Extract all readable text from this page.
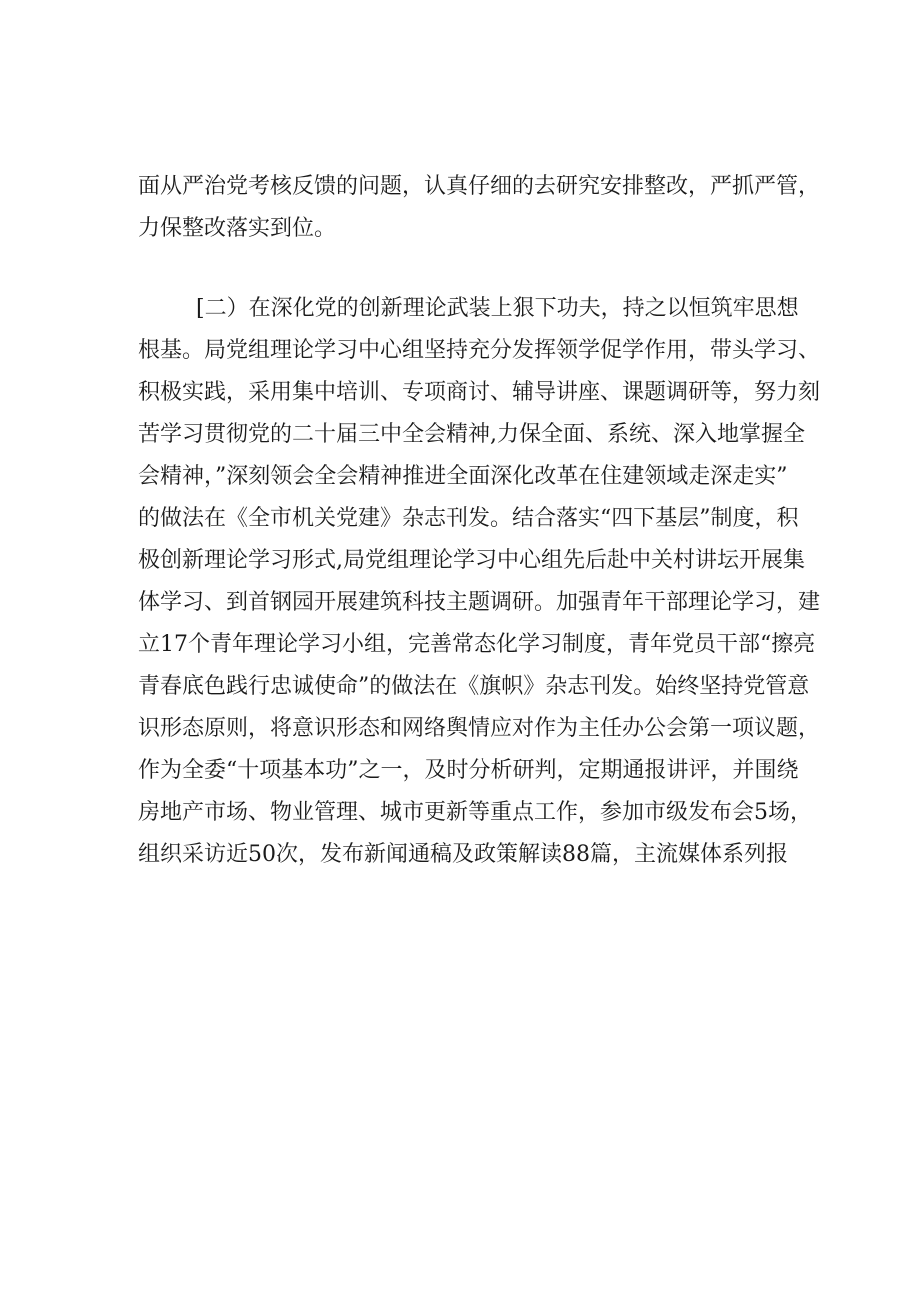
面从严治党考核反馈的问题，认真仔细的去研究安排整改，严抓严管，
力保整改落实到位。
[二）在深化党的创新理论武装上狠下功夫，持之以恒筑牢思想
根基。局党组理论学习中心组坚持充分发挥领学促学作用，带头学习、
积极实践，采用集中培训、专项商讨、辅导讲座、课题调研等，努力刻
苦学习贯彻党的二十届三中全会精神,力保全面、系统、深入地掌握全
会精神，”深刻领会全会精神推进全面深化改革在住建领域走深走实”
的做法在《全市机关党建》杂志刊发。结合落实“四下基层”制度，积
极创新理论学习形式,局党组理论学习中心组先后赴中关村讲坛开展集
体学习、到首钢园开展建筑科技主题调研。加强青年干部理论学习，建
立17个青年理论学习小组，完善常态化学习制度，青年党员干部“擦亮
青春底色践行忠诚使命”的做法在《旗帜》杂志刊发。始终坚持党管意
识形态原则，将意识形态和网络舆情应对作为主任办公会第一项议题，
作为全委“十项基本功”之一，及时分析研判，定期通报讲评，并围绕
房地产市场、物业管理、城市更新等重点工作，参加市级发布会5场，
组织采访近50次，发布新闻通稿及政策解读88篇，主流媒体系列报
